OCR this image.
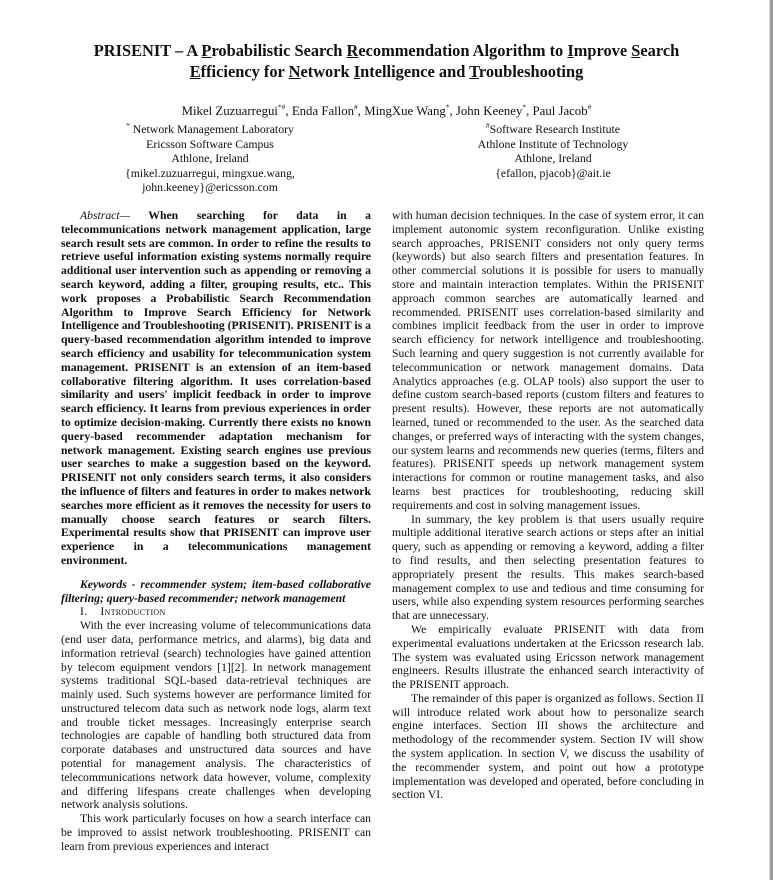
PRISENIT – A Probabilistic Search Recommendation Algorithm to Improve Search
Efficiency for Network Intelligence and Troubleshooting
Mikel Zuzuarregui*#, Enda Fallon#, MingXue Wang*, John Keeney*, Paul Jacob#
* Network Management Laboratory
Ericsson Software Campus
Athlone, Ireland
{mikel.zuzuarregui, mingxue.wang,
john.keeney}@ericsson.com
#Software Research Institute
Athlone Institute of Technology
Athlone, Ireland
{efallon, pjacob}@ait.ie

Abstract— When searching for data in a telecommunications network management application, large search result sets are common. In order to refine the results to retrieve useful information existing systems normally require additional user intervention such as appending or removing a search keyword, adding a filter, grouping results, etc.. This work proposes a Probabilistic Search Recommendation Algorithm to Improve Search Efficiency for Network Intelligence and Troubleshooting (PRISENIT). PRISENIT is a query-based recommendation algorithm intended to improve search efficiency and usability for telecommunication system management. PRISENIT is an extension of an item-based collaborative filtering algorithm. It uses correlation-based similarity and users' implicit feedback in order to improve search efficiency. It learns from previous experiences in order to optimize decision-making. Currently there exists no known query-based recommender adaptation mechanism for network management. Existing search engines use previous user searches to make a suggestion based on the keyword. PRISENIT not only considers search terms, it also considers the influence of filters and features in order to makes network searches more efficient as it removes the necessity for users to manually choose search features or search filters. Experimental results show that PRISENIT can improve user experience in a telecommunications management environment.

Keywords - recommender system; item-based collaborative filtering; query-based recommender; network management

I. Introduction

With the ever increasing volume of telecommunications data (end user data, performance metrics, and alarms), big data and information retrieval (search) technologies have gained attention by telecom equipment vendors [1][2]. In network management systems traditional SQL-based data-retrieval techniques are mainly used. Such systems however are performance limited for unstructured telecom data such as network node logs, alarm text and trouble ticket messages. Increasingly enterprise search technologies are capable of handling both structured data from corporate databases and unstructured data sources and have potential for management analysis. The characteristics of telecommunications network data however, volume, complexity and differing lifespans create challenges when developing network analysis solutions.

This work particularly focuses on how a search interface can be improved to assist network troubleshooting. PRISENIT can learn from previous experiences and interact

with human decision techniques. In the case of system error, it can implement autonomic system reconfiguration. Unlike existing search approaches, PRISENIT considers not only query terms (keywords) but also search filters and presentation features. In other commercial solutions it is possible for users to manually store and maintain interaction templates. Within the PRISENIT approach common searches are automatically learned and recommended. PRISENIT uses correlation-based similarity and combines implicit feedback from the user in order to improve search efficiency for network intelligence and troubleshooting. Such learning and query suggestion is not currently available for telecommunication or network management domains. Data Analytics approaches (e.g. OLAP tools) also support the user to define custom search-based reports (custom filters and features to present results). However, these reports are not automatically learned, tuned or recommended to the user. As the searched data changes, or preferred ways of interacting with the system changes, our system learns and recommends new queries (terms, filters and features). PRISENIT speeds up network management system interactions for common or routine management tasks, and also learns best practices for troubleshooting, reducing skill requirements and cost in solving management issues.

In summary, the key problem is that users usually require multiple additional iterative search actions or steps after an initial query, such as appending or removing a keyword, adding a filter to find results, and then selecting presentation features to appropriately present the results. This makes search-based management complex to use and tedious and time consuming for users, while also expending system resources performing searches that are unnecessary.

We empirically evaluate PRISENIT with data from experimental evaluations undertaken at the Ericsson research lab. The system was evaluated using Ericsson network management engineers. Results illustrate the enhanced search interactivity of the PRISENIT approach.

The remainder of this paper is organized as follows. Section II will introduce related work about how to personalize search engine interfaces. Section III shows the architecture and methodology of the recommender system. Section IV will show the system application. In section V, we discuss the usability of the recommender system, and point out how a prototype implementation was developed and operated, before concluding in section VI.
